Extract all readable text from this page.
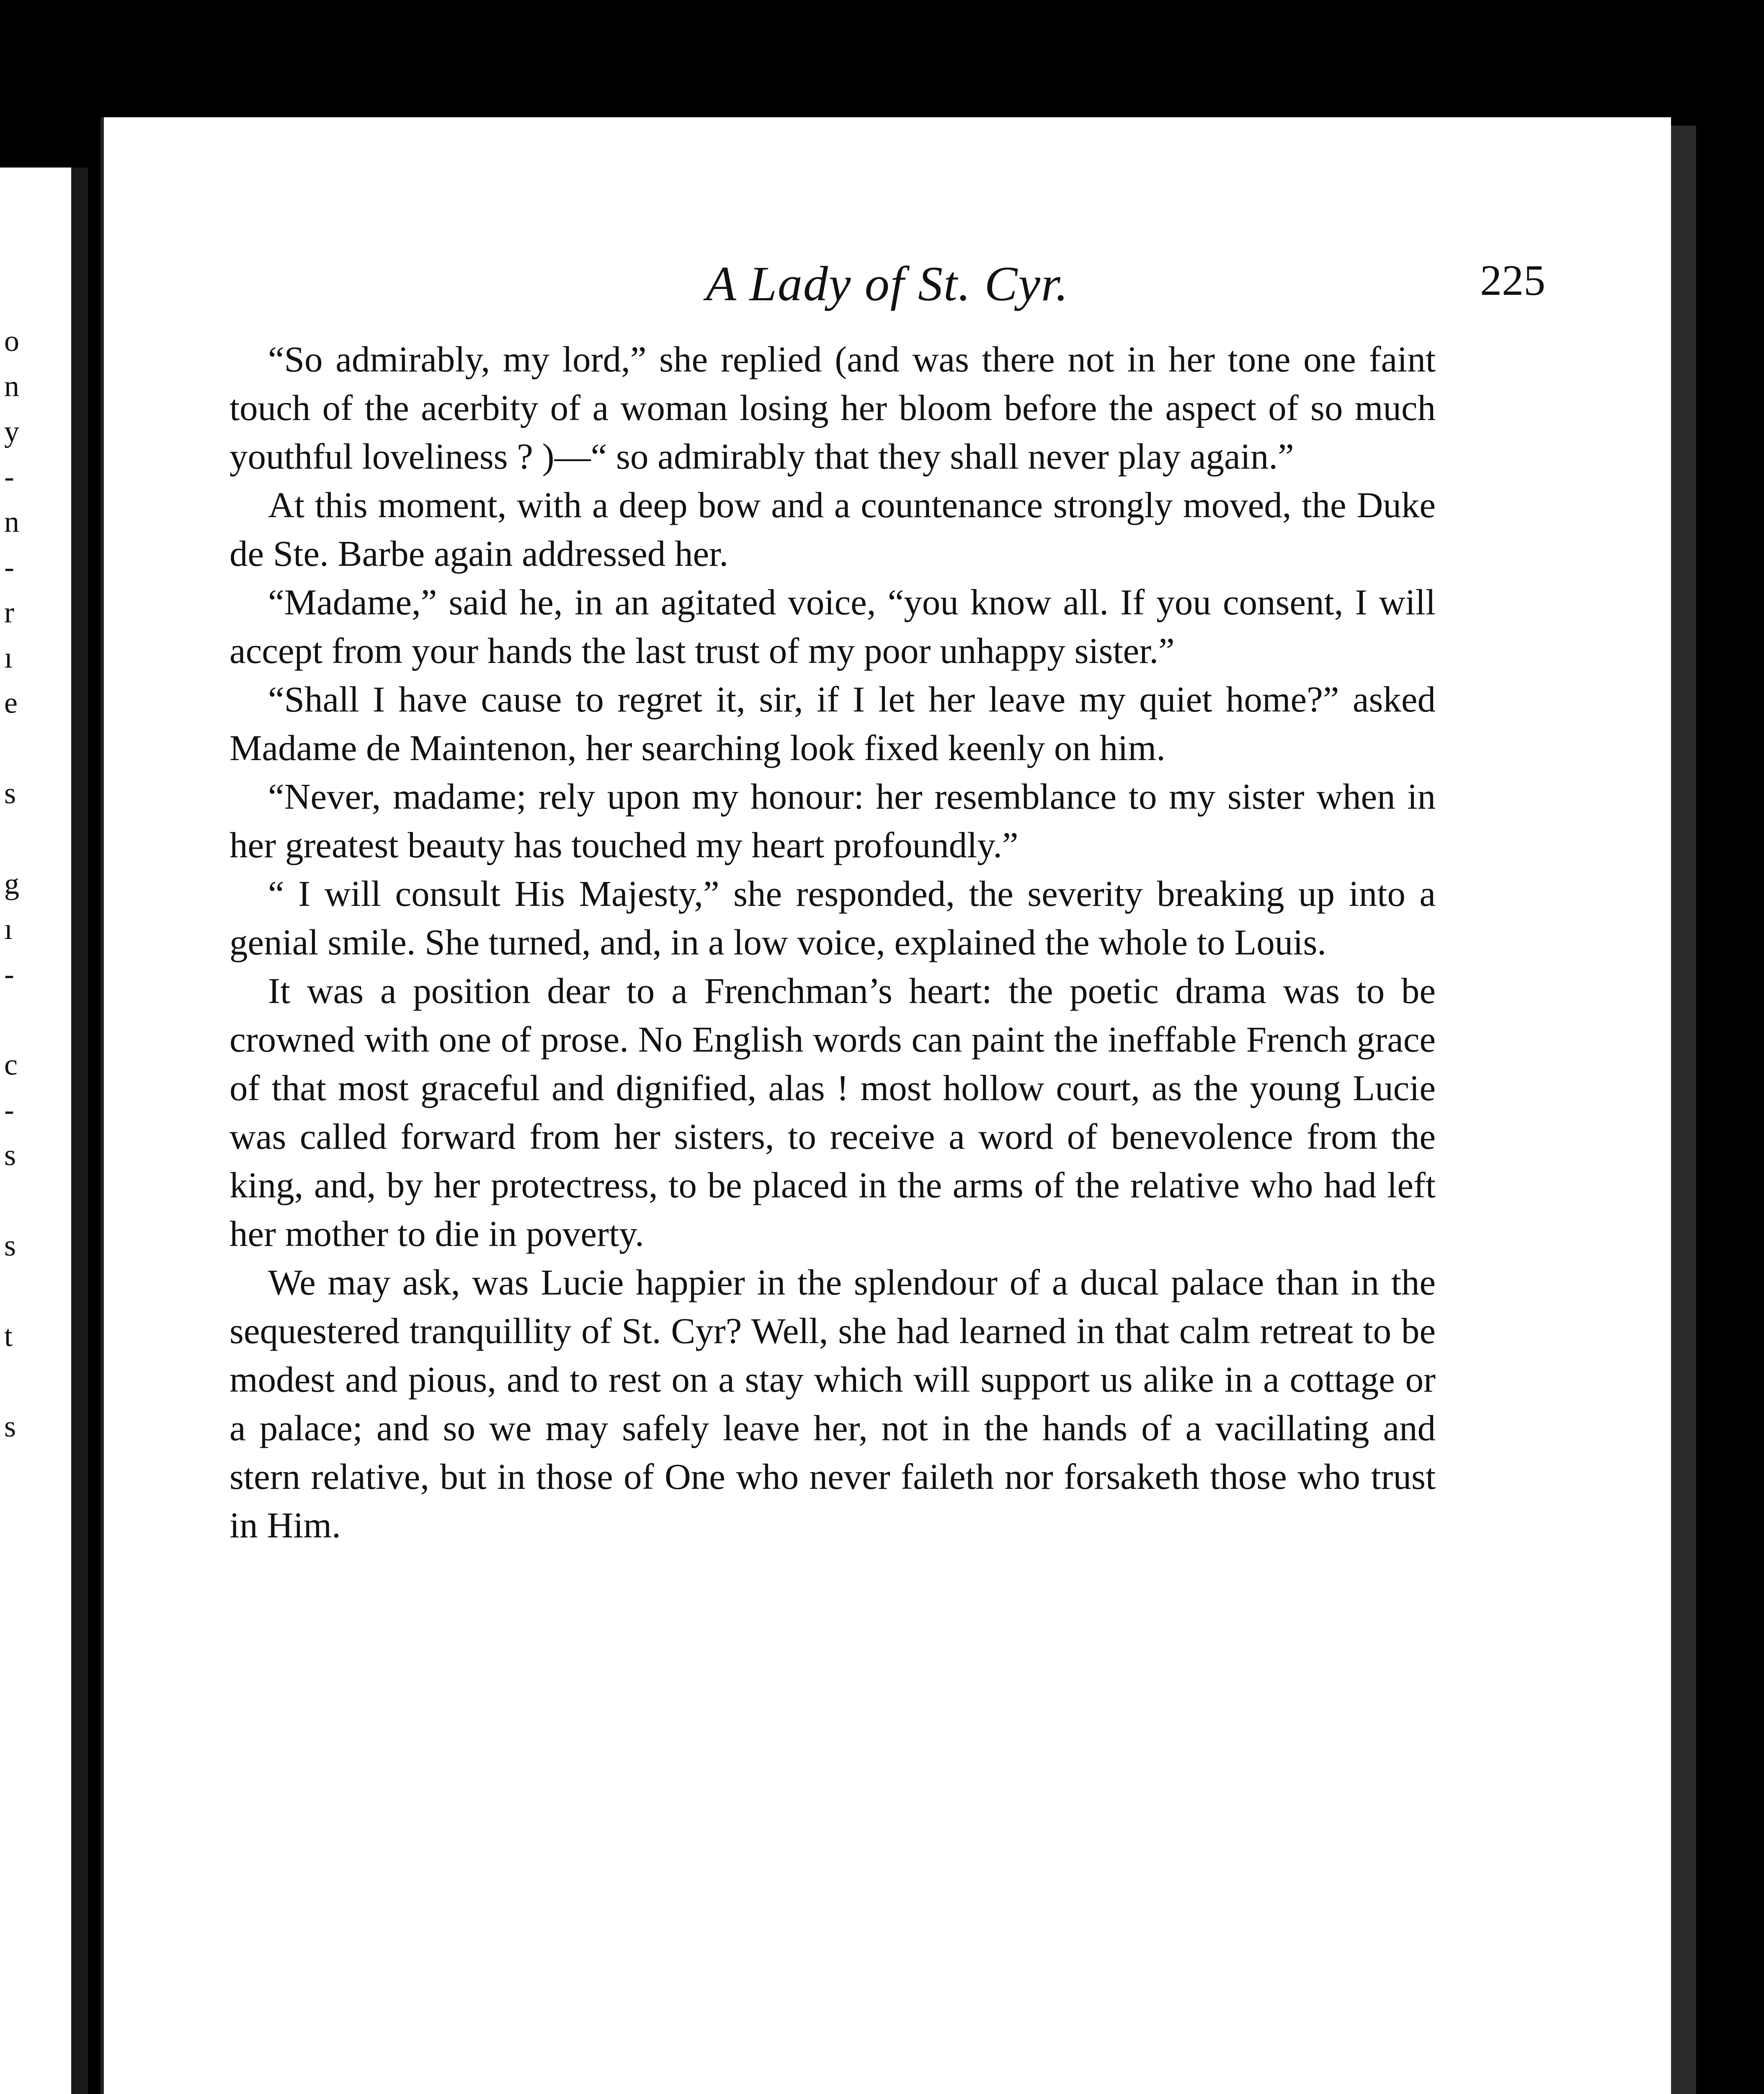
o
n
y
-
n
-
r
ı
e
s
g
ı
-
c
-
s
s
t
s
A Lady of St. Cyr.	225

“So admirably, my lord,” she replied (and was there not in her tone one faint touch of the acerbity of a woman losing her bloom before the aspect of so much youthful loveliness ? )—“ so admirably that they shall never play again.”

At this moment, with a deep bow and a countenance strongly moved, the Duke de Ste. Barbe again addressed her.

“Madame,” said he, in an agitated voice, “you know all. If you consent, I will accept from your hands the last trust of my poor unhappy sister.”

“Shall I have cause to regret it, sir, if I let her leave my quiet home?” asked Madame de Maintenon, her searching look fixed keenly on him.

“Never, madame; rely upon my honour: her resemblance to my sister when in her greatest beauty has touched my heart profoundly.”

“ I will consult His Majesty,” she responded, the severity breaking up into a genial smile. She turned, and, in a low voice, explained the whole to Louis.

It was a position dear to a Frenchman’s heart: the poetic drama was to be crowned with one of prose. No English words can paint the ineffable French grace of that most graceful and dignified, alas ! most hollow court, as the young Lucie was called forward from her sisters, to receive a word of benevolence from the king, and, by her protectress, to be placed in the arms of the relative who had left her mother to die in poverty.

We may ask, was Lucie happier in the splendour of a ducal palace than in the sequestered tranquillity of St. Cyr? Well, she had learned in that calm retreat to be modest and pious, and to rest on a stay which will support us alike in a cottage or a palace; and so we may safely leave her, not in the hands of a vacillating and stern relative, but in those of One who never faileth nor forsaketh those who trust in Him.
